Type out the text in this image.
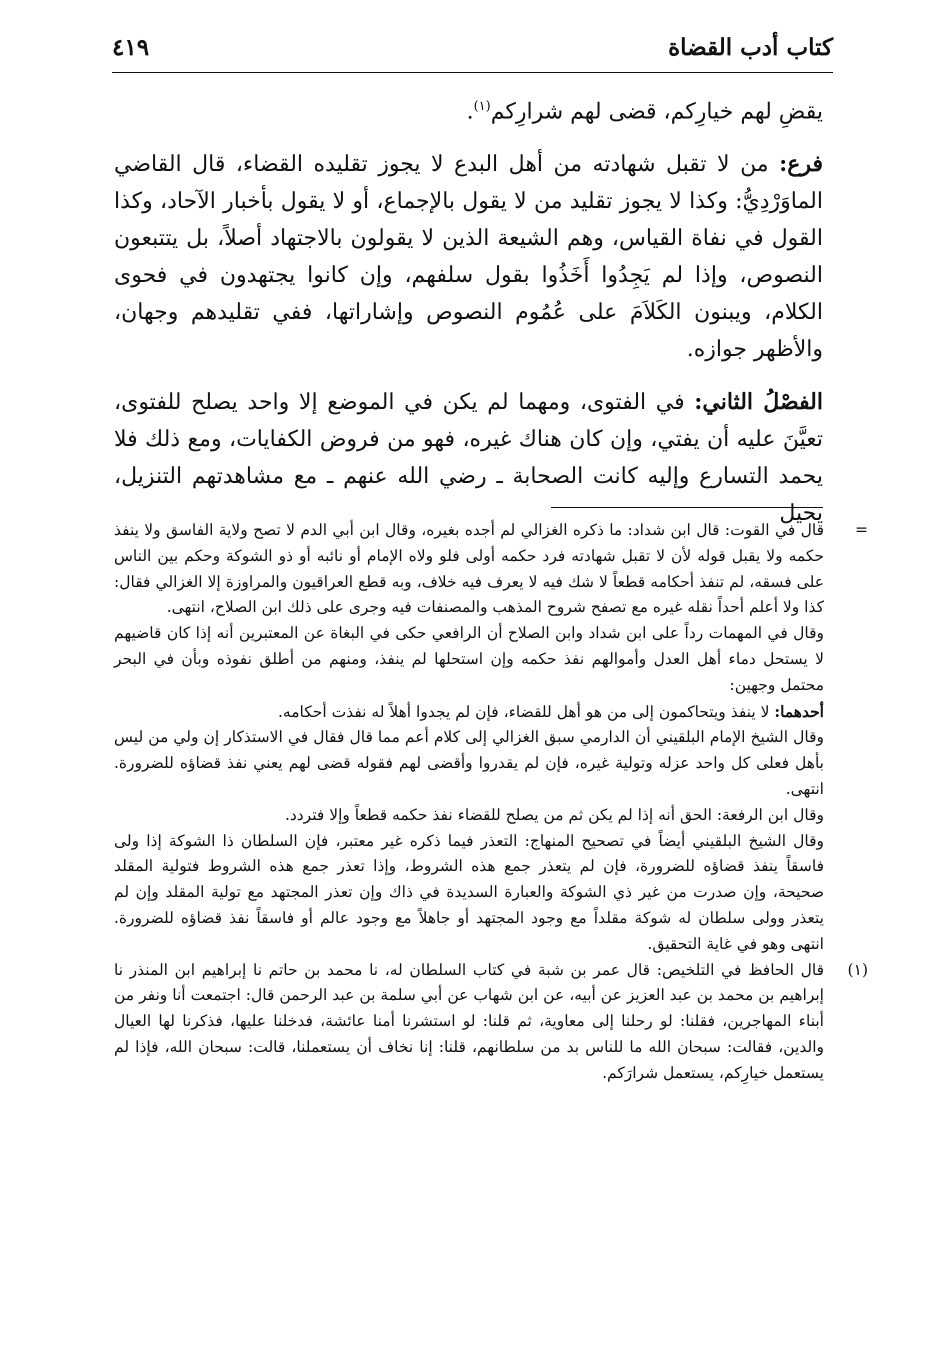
كتاب أدب القضاة
٤١٩

يقضِ لهم خيارِكم، قضى لهم شرارِكم$^{(١)}$.

فرع: من لا تقبل شهادته من أهل البدع لا يجوز تقليده القضاء، قال القاضي الماوَرْدِيُّ: وكذا لا يجوز تقليد من لا يقول بالإجماع، أو لا يقول بأخبار الآحاد، وكذا القول في نفاة القياس، وهم الشيعة الذين لا يقولون بالاجتهاد أصلاً، بل يتتبعون النصوص، وإذا لم يَجِدُوا أَخَذُوا بقول سلفهم، وإن كانوا يجتهدون في فحوى الكلام، ويبنون الكَلاَمَ على عُمُوم النصوص وإشاراتها، ففي تقليدهم وجهان، والأظهر جوازه.

الفصْلُ الثاني: في الفتوى، ومهما لم يكن في الموضع إلا واحد يصلح للفتوى، تعيَّنَ عليه أن يفتي، وإن كان هناك غيره، فهو من فروض الكفايات، ومع ذلك فلا يحمد التسارع وإليه كانت الصحابة ـ رضي الله عنهم ـ مع مشاهدتهم التنزيل، يحيل

=

قال في القوت: قال ابن شداد: ما ذكره الغزالي لم أجده بغيره، وقال ابن أبي الدم لا تصح ولاية الفاسق ولا ينفذ حكمه ولا يقبل قوله لأن لا تقبل شهادته فرد حكمه أولى فلو ولاه الإمام أو نائبه أو ذو الشوكة وحكم بين الناس على فسقه، لم تنفذ أحكامه قطعاً لا شك فيه لا يعرف فيه خلاف، وبه قطع العراقيون والمراوزة إلا الغزالي فقال: كذا ولا أعلم أحداً نقله غيره مع تصفح شروح المذهب والمصنفات فيه وجرى على ذلك ابن الصلاح، انتهى.

وقال في المهمات رداً على ابن شداد وابن الصلاح أن الرافعي حكى في البغاة عن المعتبرين أنه إذا كان قاضيهم لا يستحل دماء أهل العدل وأموالهم نفذ حكمه وإن استحلها لم ينفذ، ومنهم من أطلق نفوذه وبأن في البحر محتمل وجهين:

أحدهما: لا ينفذ ويتحاكمون إلى من هو أهل للقضاء، فإن لم يجدوا أهلاً له نفذت أحكامه.

وقال الشيخ الإمام البلقيني أن الدارمي سبق الغزالي إلى كلام أعم مما قال فقال في الاستذكار إن ولي من ليس بأهل فعلى كل واحد عزله وتولية غيره، فإن لم يقدروا وأقضى لهم فقوله قضى لهم يعني نفذ قضاؤه للضرورة. انتهى.

وقال ابن الرفعة: الحق أنه إذا لم يكن ثم من يصلح للقضاء نفذ حكمه قطعاً وإلا فتردد.

وقال الشيخ البلقيني أيضاً في تصحيح المنهاج: التعذر فيما ذكره غير معتبر، فإن السلطان ذا الشوكة إذا ولى فاسقاً ينفذ قضاؤه للضرورة، فإن لم يتعذر جمع هذه الشروط، وإذا تعذر جمع هذه الشروط فتولية المقلد صحيحة، وإن صدرت من غير ذي الشوكة والعبارة السديدة في ذاك وإن تعذر المجتهد مع تولية المقلد وإن لم يتعذر وولى سلطان له شوكة مقلداً مع وجود المجتهد أو جاهلاً مع وجود عالم أو فاسقاً نفذ قضاؤه للضرورة. انتهى وهو في غاية التحقيق.

(١)

قال الحافظ في التلخيص: قال عمر بن شبة في كتاب السلطان له، نا محمد بن حاتم نا إبراهيم ابن المنذر نا إبراهيم بن محمد بن عبد العزيز عن أبيه، عن ابن شهاب عن أبي سلمة بن عبد الرحمن قال: اجتمعت أنا ونفر من أبناء المهاجرين، فقلنا: لو رحلنا إلى معاوية، ثم قلنا: لو استشرنا أمنا عائشة، فدخلنا عليها، فذكرنا لها العيال والدين، فقالت: سبحان الله ما للناس بد من سلطانهم، قلنا: إنا نخاف أن يستعملنا، قالت: سبحان الله، فإذا لم يستعمل خيارِكم، يستعمل شرارَكم.
